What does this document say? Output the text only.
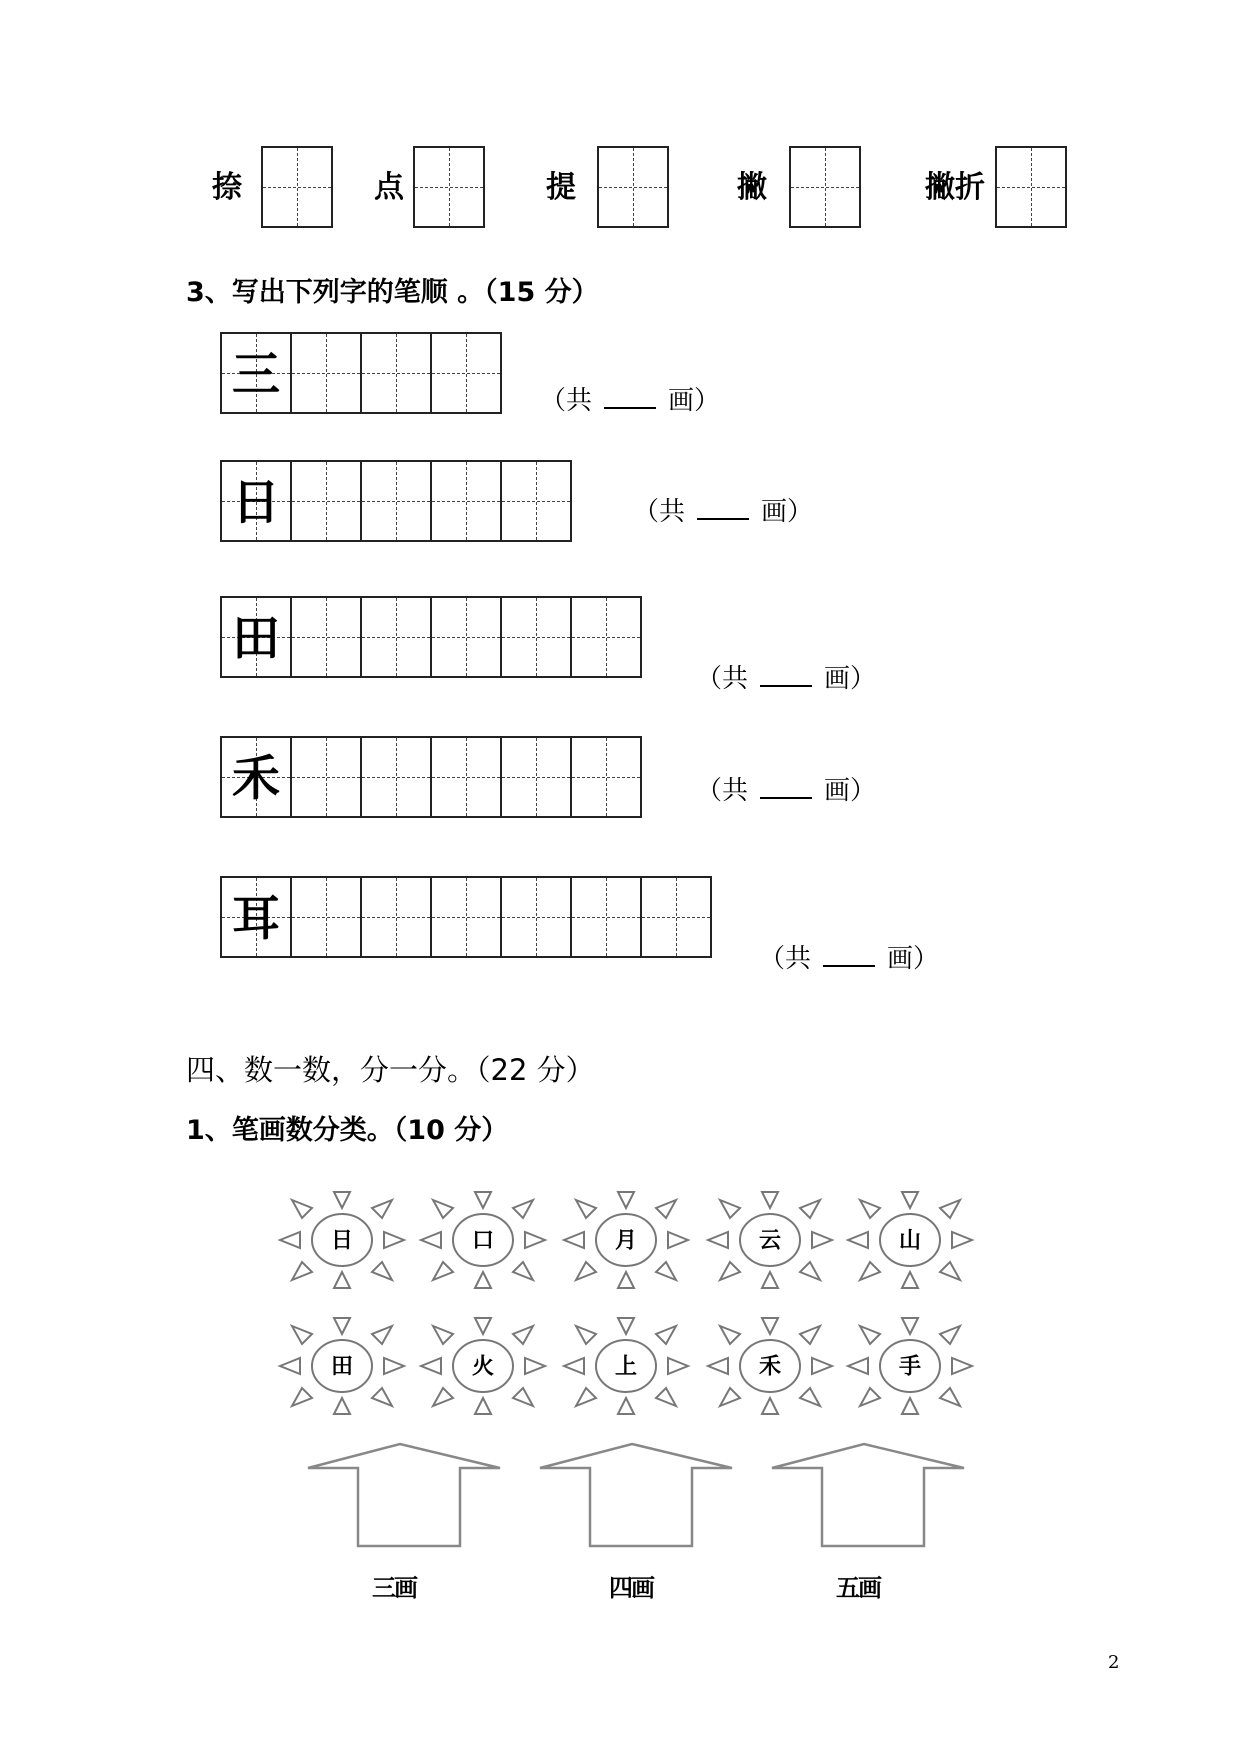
捺	点	提	撇	撇折
3、写出下列字的笔顺 。（15 分）
三	（共	画）
日	（共	画）
田
（共	画）
禾	（共	画）
耳
（共	画）
四、数一数，分一分。（22 分）
1、笔画数分类。（10 分）
日	口	月	云	山
田	火	上	禾	手
三画	四画	五画
2
